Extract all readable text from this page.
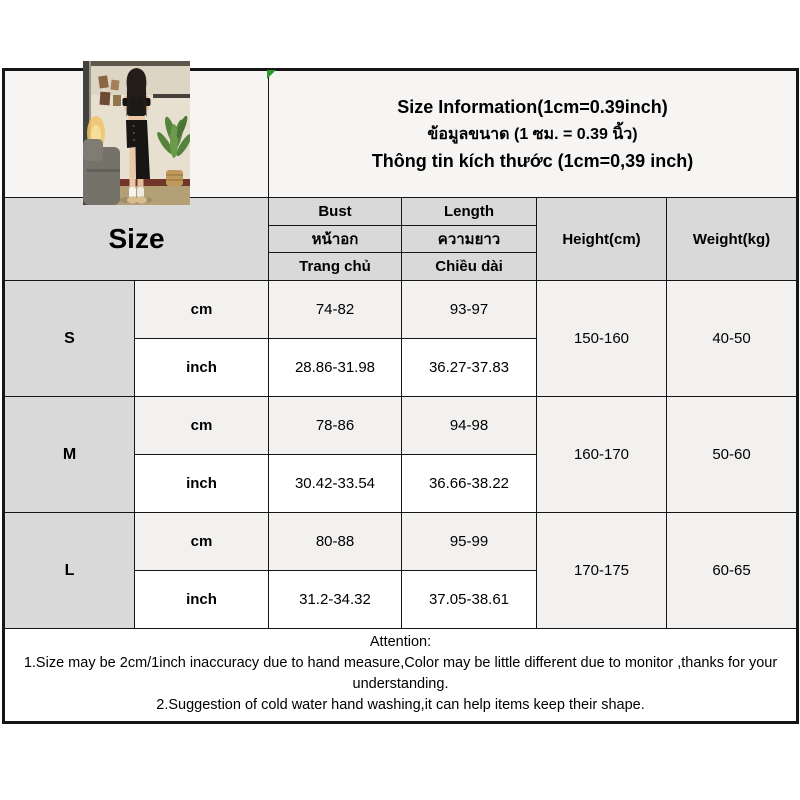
		Size Information(1cm=0.39inch)
ข้อมูลขนาด (1 ซม. = 0.39 นิ้ว)
Thông tin kích thước (1cm=0,39 inch)			

Size		Bust	Length	Height(cm)	Weight(kg)
		หน้าอก	ความยาว		
		Trang chủ	Chiều dài		
S	cm	74-82	93-97	150-160	40-50
	inch	28.86-31.98	36.27-37.83		
M	cm	78-86	94-98	160-170	50-60
	inch	30.42-33.54	36.66-38.22		
L	cm	80-88	95-99	170-175	60-65
	inch	31.2-34.32	37.05-38.61		

Attention:
1.Size may be 2cm/1inch inaccuracy due to hand measure,Color may be little different due to monitor ,thanks for your understanding.
2.Suggestion of cold water hand washing,it can help items keep their shape.					
